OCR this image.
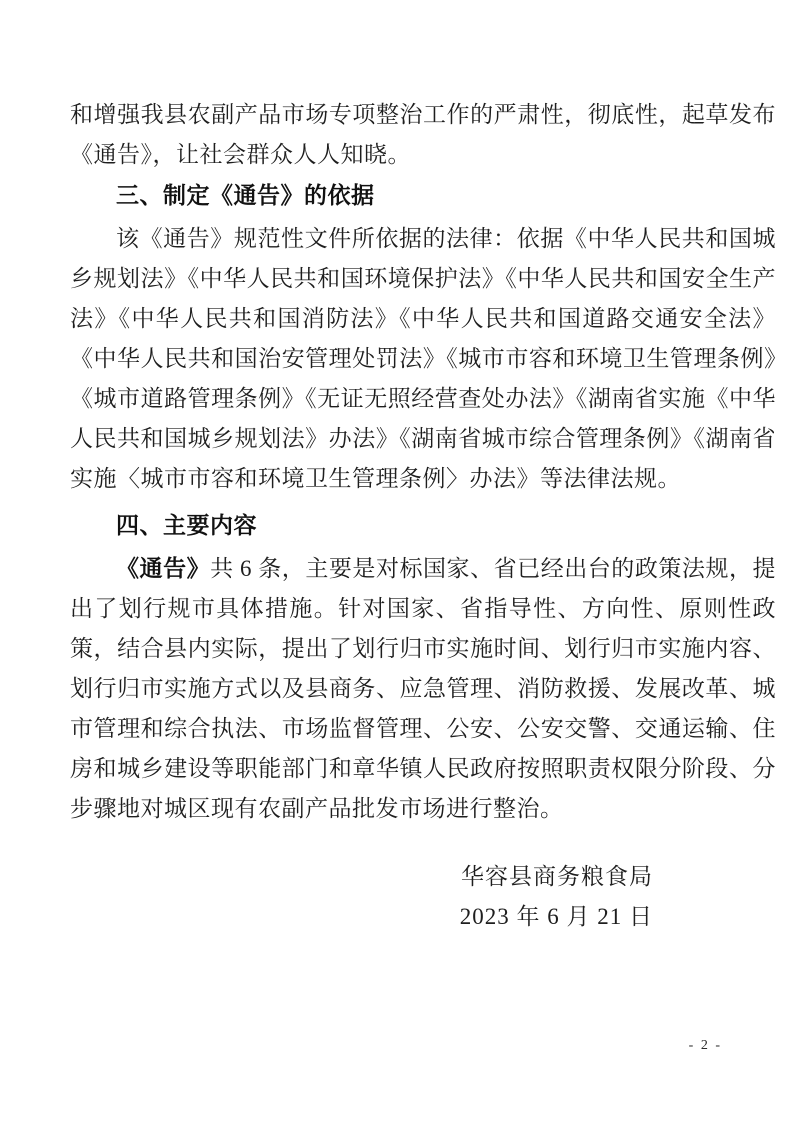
和增强我县农副产品市场专项整治工作的严肃性，彻底性，起草发布《通告》，让社会群众人人知晓。

三、制定《通告》的依据

该《通告》规范性文件所依据的法律：依据《中华人民共和国城乡规划法》《中华人民共和国环境保护法》《中华人民共和国安全生产法》《中华人民共和国消防法》《中华人民共和国道路交通安全法》《中华人民共和国治安管理处罚法》《城市市容和环境卫生管理条例》《城市道路管理条例》《无证无照经营查处办法》《湖南省实施《中华人民共和国城乡规划法》办法》《湖南省城市综合管理条例》《湖南省实施〈城市市容和环境卫生管理条例〉办法》等法律法规。

四、主要内容

《通告》共 6 条，主要是对标国家、省已经出台的政策法规，提出了划行规市具体措施。针对国家、省指导性、方向性、原则性政策，结合县内实际，提出了划行归市实施时间、划行归市实施内容、划行归市实施方式以及县商务、应急管理、消防救援、发展改革、城市管理和综合执法、市场监督管理、公安、公安交警、交通运输、住房和城乡建设等职能部门和章华镇人民政府按照职责权限分阶段、分步骤地对城区现有农副产品批发市场进行整治。

华容县商务粮食局
2023 年 6 月 21 日
- 2 -
